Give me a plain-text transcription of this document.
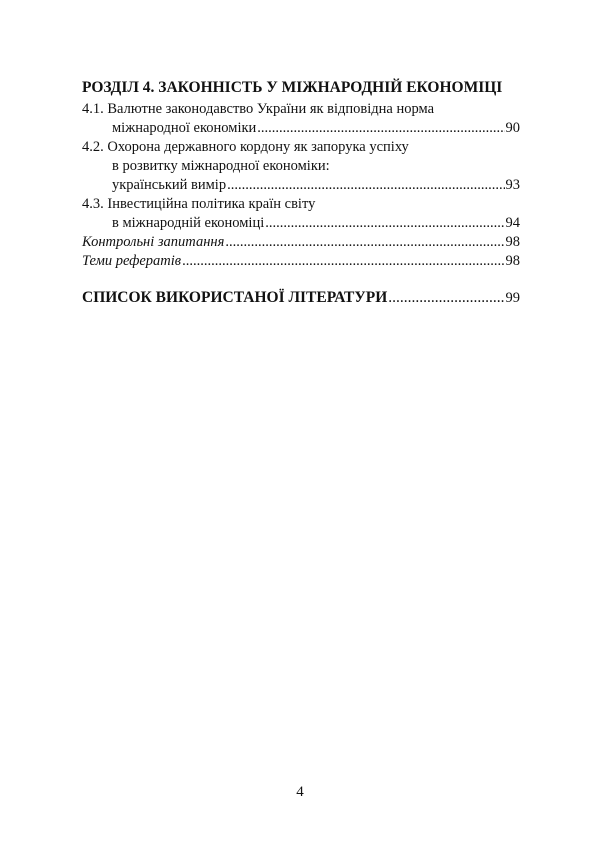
РОЗДІЛ 4. ЗАКОННІСТЬ У МІЖНАРОДНІЙ ЕКОНОМІЦІ
4.1. Валютне законодавство України як відповідна норма
міжнародної економіки .....	90
4.2. Охорона державного кордону як запорука успіху
в розвитку міжнародної економіки:
український вимір .....	93
4.3. Інвестиційна політика країн світу
в міжнародній економіці .....	94
Контрольні запитання .....	98
Теми рефератів .....	98
СПИСОК ВИКОРИСТАНОЇ ЛІТЕРАТУРИ .....	99
4
